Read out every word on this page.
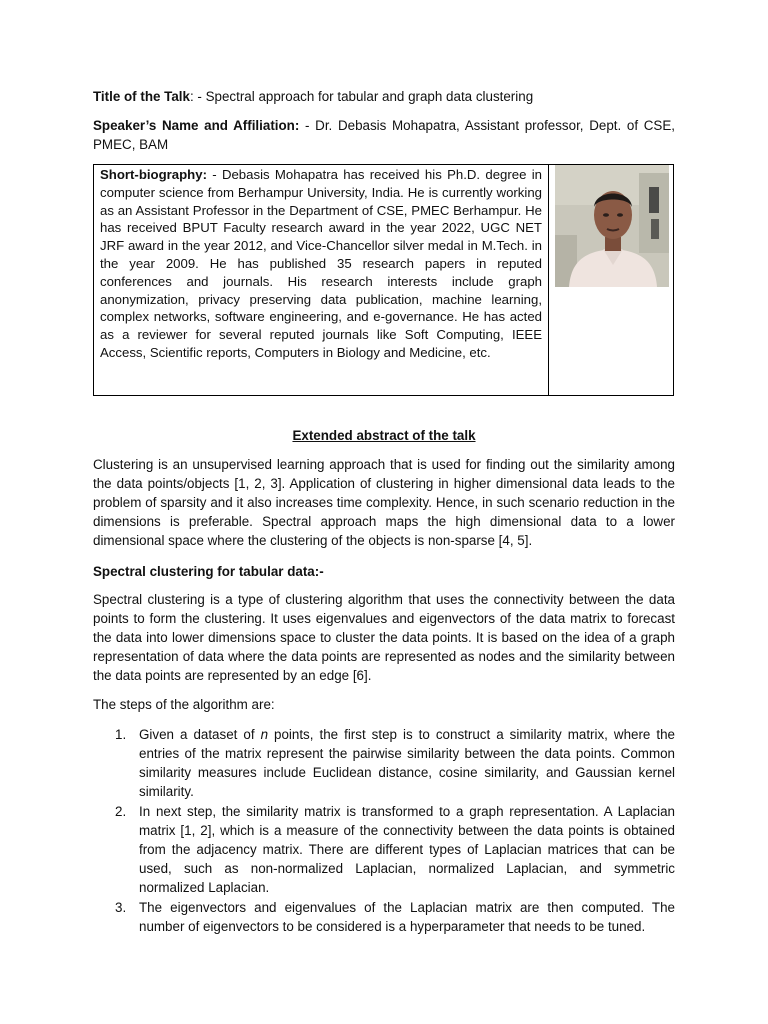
Title of the Talk: - Spectral approach for tabular and graph data clustering
Speaker’s Name and Affiliation: - Dr. Debasis Mohapatra, Assistant professor, Dept. of CSE, PMEC, BAM
Short-biography: - Debasis Mohapatra has received his Ph.D. degree in computer science from Berhampur University, India. He is currently working as an Assistant Professor in the Department of CSE, PMEC Berhampur. He has received BPUT Faculty research award in the year 2022, UGC NET JRF award in the year 2012, and Vice-Chancellor silver medal in M.Tech. in the year 2009. He has published 35 research papers in reputed conferences and journals. His research interests include graph anonymization, privacy preserving data publication, machine learning, complex networks, software engineering, and e-governance. He has acted as a reviewer for several reputed journals like Soft Computing, IEEE Access, Scientific reports, Computers in Biology and Medicine, etc.
Extended abstract of the talk
Clustering is an unsupervised learning approach that is used for finding out the similarity among the data points/objects [1, 2, 3]. Application of clustering in higher dimensional data leads to the problem of sparsity and it also increases time complexity. Hence, in such scenario reduction in the dimensions is preferable. Spectral approach maps the high dimensional data to a lower dimensional space where the clustering of the objects is non-sparse [4, 5].
Spectral clustering for tabular data:-
Spectral clustering is a type of clustering algorithm that uses the connectivity between the data points to form the clustering. It uses eigenvalues and eigenvectors of the data matrix to forecast the data into lower dimensions space to cluster the data points. It is based on the idea of a graph representation of data where the data points are represented as nodes and the similarity between the data points are represented by an edge [6].
The steps of the algorithm are:
1. Given a dataset of n points, the first step is to construct a similarity matrix, where the entries of the matrix represent the pairwise similarity between the data points. Common similarity measures include Euclidean distance, cosine similarity, and Gaussian kernel similarity.
2. In next step, the similarity matrix is transformed to a graph representation. A Laplacian matrix [1, 2], which is a measure of the connectivity between the data points is obtained from the adjacency matrix. There are different types of Laplacian matrices that can be used, such as non-normalized Laplacian, normalized Laplacian, and symmetric normalized Laplacian.
3. The eigenvectors and eigenvalues of the Laplacian matrix are then computed. The number of eigenvectors to be considered is a hyperparameter that needs to be tuned.
